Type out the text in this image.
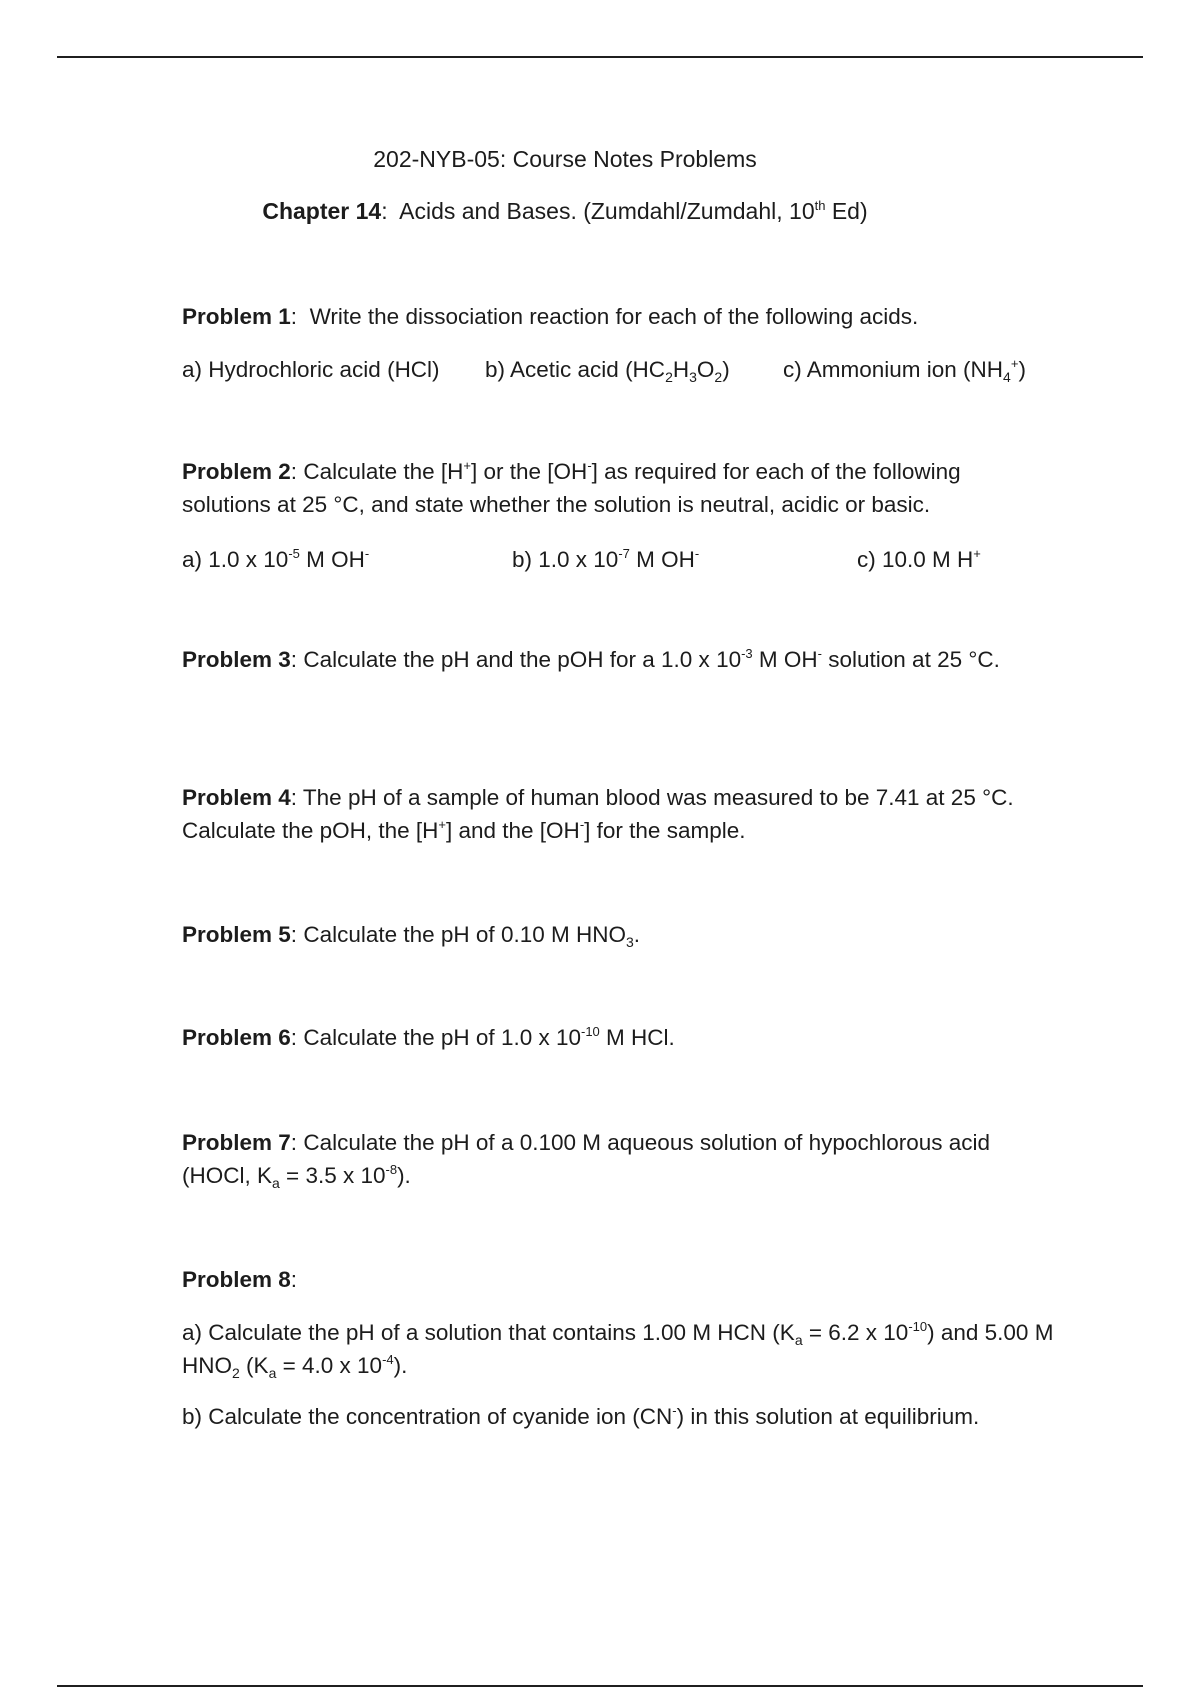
202-NYB-05: Course Notes Problems
Chapter 14: Acids and Bases. (Zumdahl/Zumdahl, 10th Ed)
Problem 1: Write the dissociation reaction for each of the following acids.
a) Hydrochloric acid (HCl) b) Acetic acid $(HC_2H_3O_2)$ c) Ammonium ion $(NH_4^+)$
Problem 2: Calculate the [H+] or the [OH-] as required for each of the following solutions at 25 °C, and state whether the solution is neutral, acidic or basic.
a) 1.0 x $10^{-5}$ M OH-	b) 1.0 x $10^{-7}$ M OH-	c) 10.0 M H+
Problem 3: Calculate the pH and the pOH for a 1.0 x $10^{-3}$ M OH- solution at 25 °C.
Problem 4: The pH of a sample of human blood was measured to be 7.41 at 25 °C. Calculate the pOH, the [H+] and the [OH-] for the sample.
Problem 5: Calculate the pH of 0.10 M $HNO_3$.
Problem 6: Calculate the pH of 1.0 x $10^{-10}$ M HCl.
Problem 7: Calculate the pH of a 0.100 M aqueous solution of hypochlorous acid (HOCl, $K_a = 3.5$ x $10^{-8}$).
Problem 8:
a) Calculate the pH of a solution that contains 1.00 M HCN ($K_a = 6.2$ x $10^{-10}$) and 5.00 M $HNO_2$ ($K_a = 4.0$ x $10^{-4}$).
b) Calculate the concentration of cyanide ion (CN-) in this solution at equilibrium.
